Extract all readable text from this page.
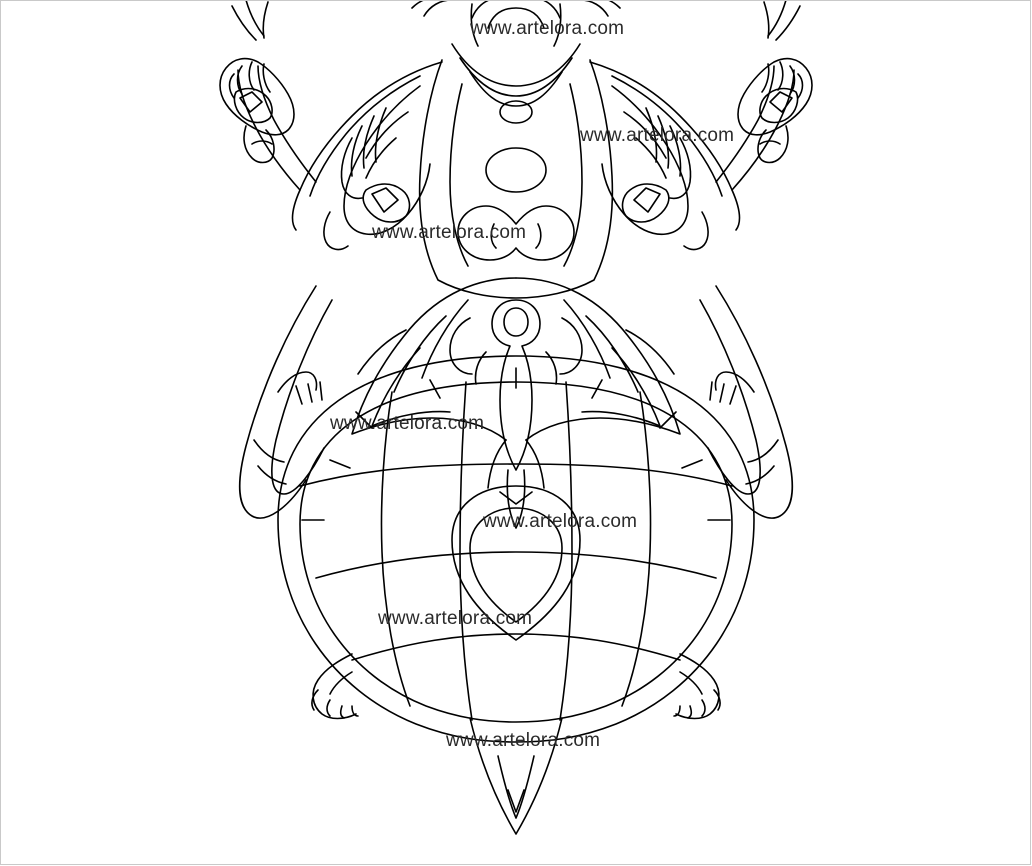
www.artelora.com
www.artelora.com
www.artelora.com
www.artelora.com
www.artelora.com
www.artelora.com
www.artelora.com
